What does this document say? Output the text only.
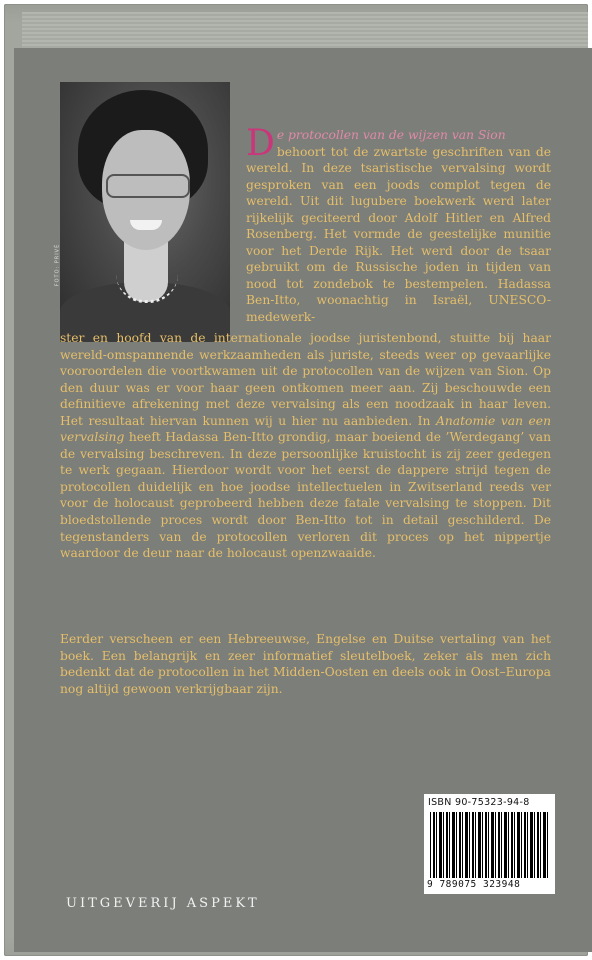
FOTO: PRIVÉ
De protocollen van de wijzen van Sion
behoort tot de zwartste geschriften van de wereld. In deze tsaristische vervalsing wordt gesproken van een joods complot tegen de wereld. Uit dit lugubere boekwerk werd later rijkelijk geciteerd door Adolf Hitler en Alfred Rosenberg. Het vormde de geestelijke munitie voor het Derde Rijk. Het werd door de tsaar gebruikt om de Russische joden in tijden van nood tot zondebok te bestempelen. Hadassa Ben-Itto, woonachtig in Israël, UNESCO-medewerk-
ster en hoofd van de internationale joodse juristenbond, stuitte bij haar wereld-omspannende werkzaamheden als juriste, steeds weer op gevaarlijke vooroordelen die voortkwamen uit de protocollen van de wijzen van Sion. Op den duur was er voor haar geen ontkomen meer aan. Zij beschouwde een definitieve afrekening met deze vervalsing als een noodzaak in haar leven. Het resultaat hiervan kunnen wij u hier nu aanbieden. In Anatomie van een vervalsing heeft Hadassa Ben-Itto grondig, maar boeiend de ’Werdegang’ van de vervalsing beschreven. In deze persoonlijke kruistocht is zij zeer gedegen te werk gegaan. Hierdoor wordt voor het eerst de dappere strijd tegen de protocollen duidelijk en hoe joodse intellectuelen in Zwitserland reeds ver voor de holocaust geprobeerd hebben deze fatale vervalsing te stoppen. Dit bloedstollende proces wordt door Ben-Itto tot in detail geschilderd. De tegenstanders van de protocollen verloren dit proces op het nippertje waardoor de deur naar de holocaust openzwaaide.
Eerder verscheen er een Hebreeuwse, Engelse en Duitse vertaling van het boek. Een belangrijk en zeer informatief sleutelboek, zeker als men zich bedenkt dat de protocollen in het Midden-Oosten en deels ook in Oost–Europa nog altijd gewoon verkrijgbaar zijn.
UITGEVERIJ ASPEKT
ISBN 90-75323-94-8
9 789075 323948
